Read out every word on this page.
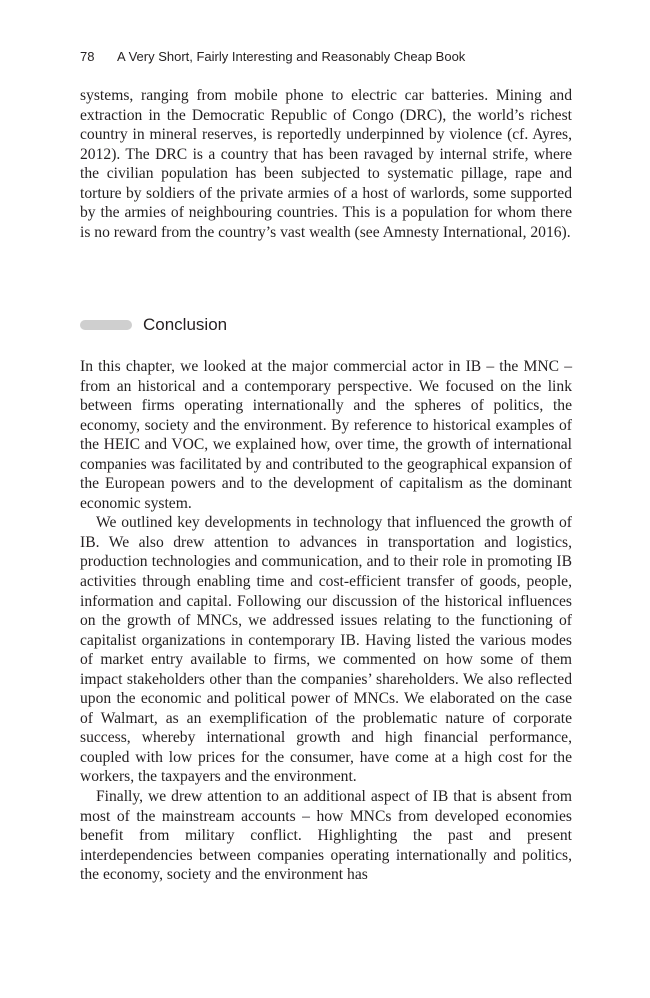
78 A Very Short, Fairly Interesting and Reasonably Cheap Book

systems, ranging from mobile phone to electric car batteries. Mining and extraction in the Democratic Republic of Congo (DRC), the world’s richest country in mineral reserves, is reportedly underpinned by violence (cf. Ayres, 2012). The DRC is a country that has been ravaged by internal strife, where the civilian population has been subjected to systematic pillage, rape and torture by soldiers of the private armies of a host of warlords, some supported by the armies of neighbouring countries. This is a population for whom there is no reward from the country’s vast wealth (see Amnesty International, 2016).

Conclusion

In this chapter, we looked at the major commercial actor in IB – the MNC – from an historical and a contemporary perspective. We focused on the link between firms operating internationally and the spheres of politics, the economy, society and the environment. By reference to historical examples of the HEIC and VOC, we explained how, over time, the growth of international companies was facilitated by and contributed to the geographical expansion of the European powers and to the development of capitalism as the dominant economic system.

We outlined key developments in technology that influenced the growth of IB. We also drew attention to advances in transportation and logistics, production technologies and communication, and to their role in promoting IB activities through enabling time and cost-efficient transfer of goods, people, information and capital. Following our discussion of the historical influences on the growth of MNCs, we addressed issues relating to the functioning of capitalist organizations in contemporary IB. Having listed the various modes of market entry available to firms, we commented on how some of them impact stakeholders other than the companies’ shareholders. We also reflected upon the economic and political power of MNCs. We elaborated on the case of Walmart, as an exemplification of the problematic nature of corporate success, whereby international growth and high financial performance, coupled with low prices for the consumer, have come at a high cost for the workers, the taxpayers and the environment.

Finally, we drew attention to an additional aspect of IB that is absent from most of the mainstream accounts – how MNCs from developed economies benefit from military conflict. Highlighting the past and present interdependencies between companies operating internationally and politics, the economy, society and the environment has
